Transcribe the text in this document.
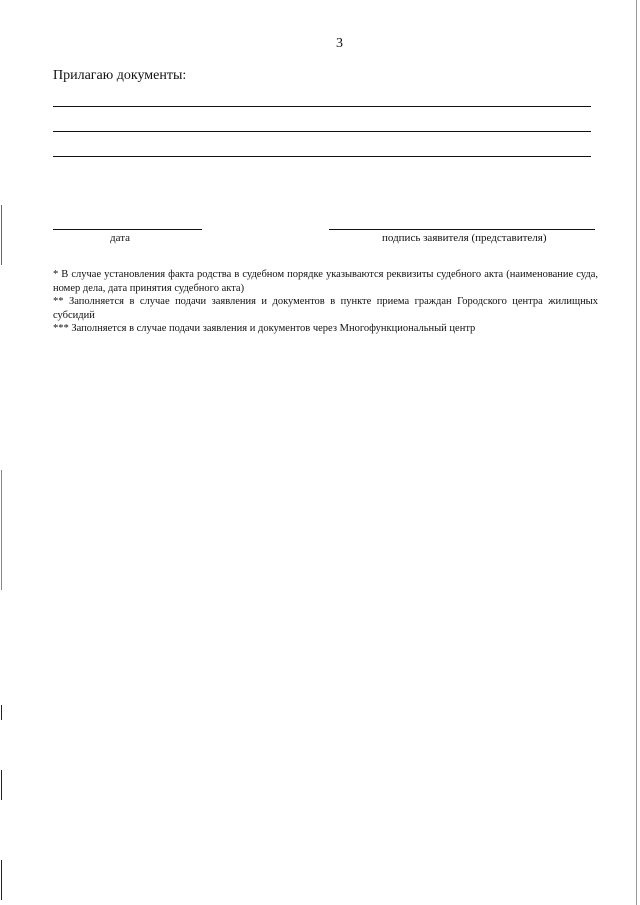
3
Прилагаю документы:
дата	подпись заявителя (представителя)

* В случае установления факта родства в судебном порядке указываются реквизиты судебного акта (наименование суда, номер дела, дата принятия судебного акта)

** Заполняется в случае подачи заявления и документов в пункте приема граждан Городского центра жилищных субсидий

*** Заполняется в случае подачи заявления и документов через Многофункциональный центр
